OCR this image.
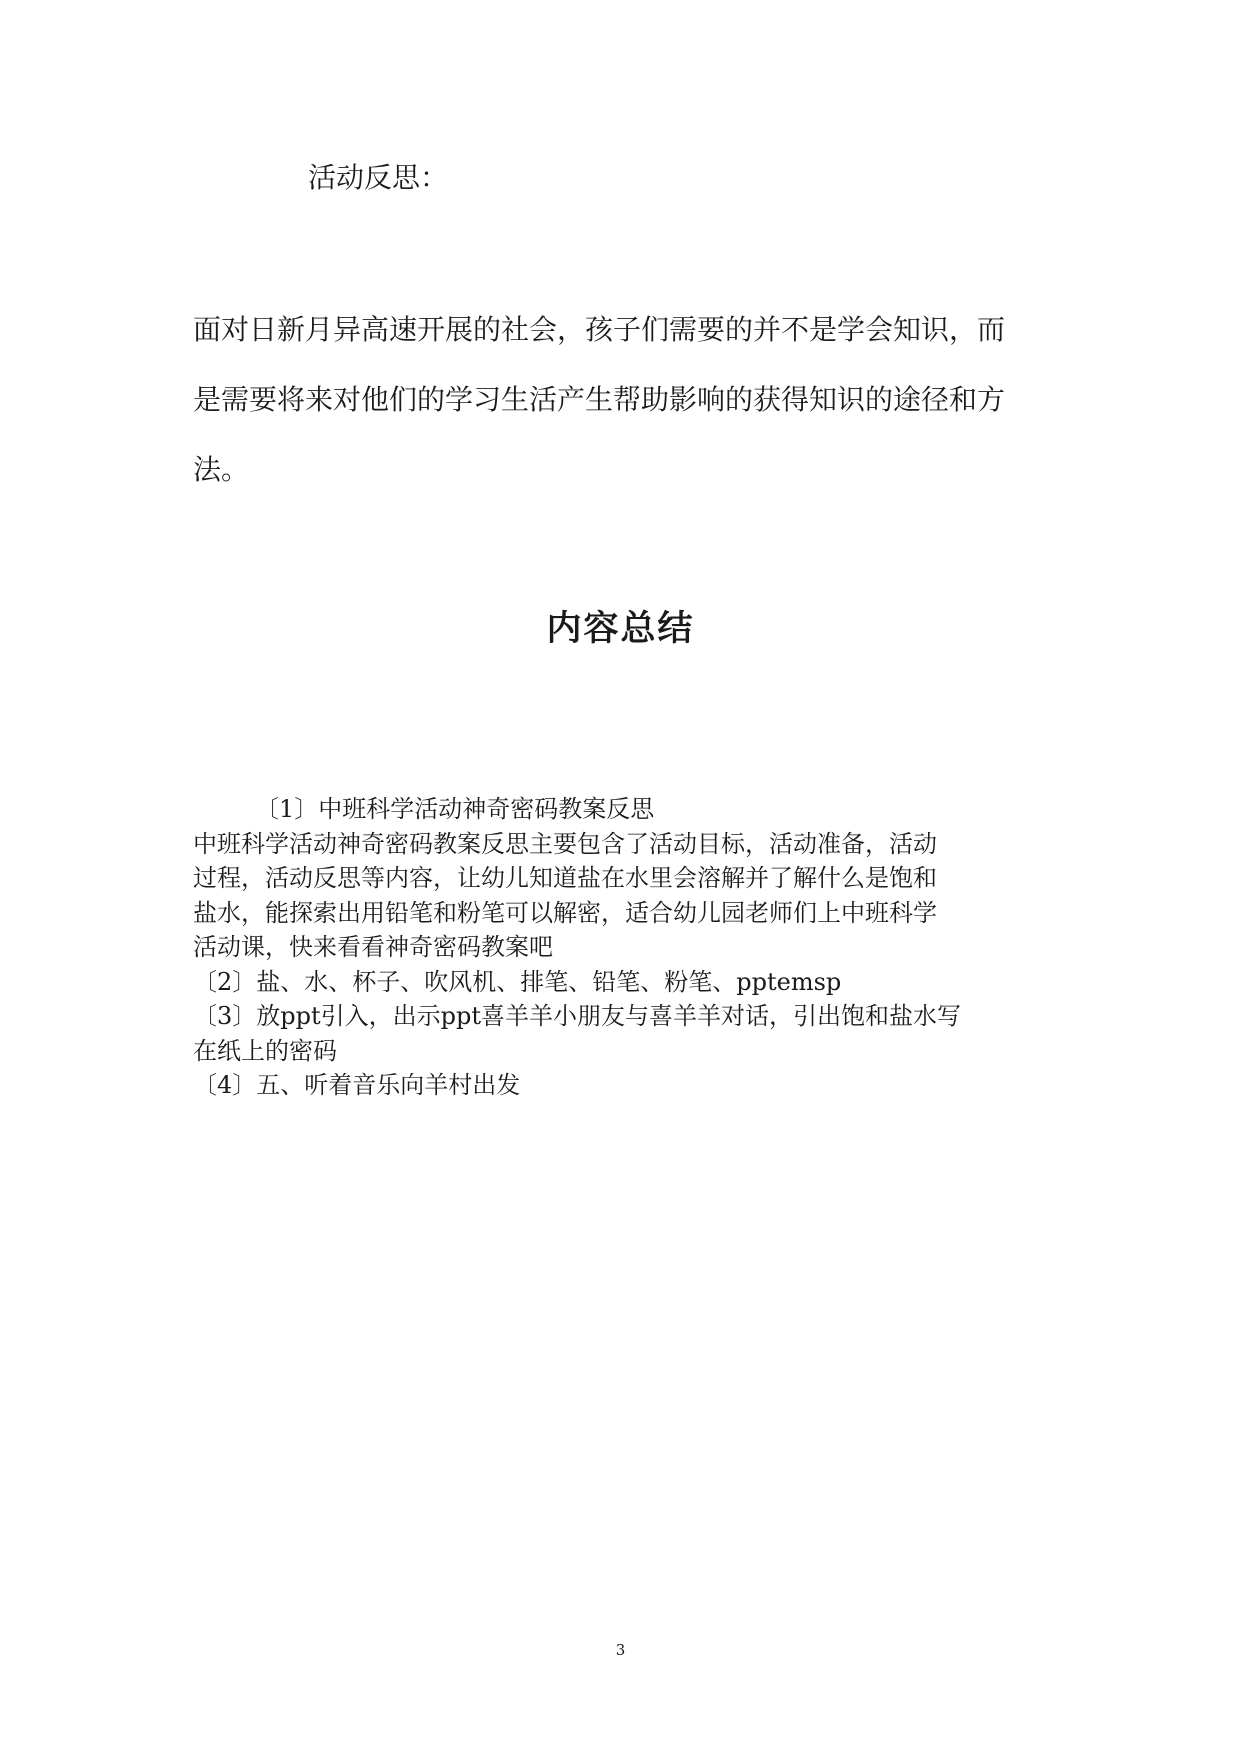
活动反思：
面对日新月异高速开展的社会，孩子们需要的并不是学会知识，而
是需要将来对他们的学习生活产生帮助影响的获得知识的途径和方
法。
内容总结
〔1〕中班科学活动神奇密码教案反思
中班科学活动神奇密码教案反思主要包含了活动目标，活动准备，活动
过程，活动反思等内容，让幼儿知道盐在水里会溶解并了解什么是饱和
盐水，能探索出用铅笔和粉笔可以解密，适合幼儿园老师们上中班科学
活动课，快来看看神奇密码教案吧
〔2〕盐、水、杯子、吹风机、排笔、铅笔、粉笔、pptemsp
〔3〕放ppt引入，出示ppt喜羊羊小朋友与喜羊羊对话，引出饱和盐水写
在纸上的密码
〔4〕五、听着音乐向羊村出发
3
